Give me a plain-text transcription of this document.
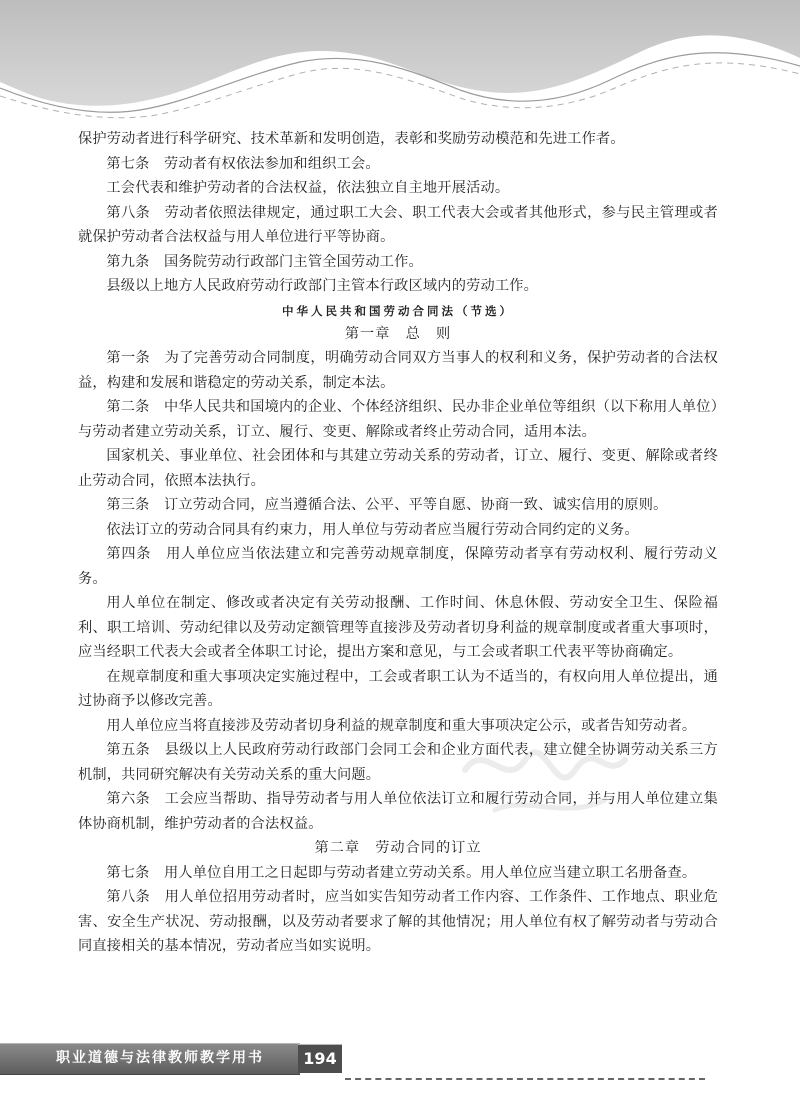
保护劳动者进行科学研究、技术革新和发明创造，表彰和奖励劳动模范和先进工作者。

第七条　劳动者有权依法参加和组织工会。

工会代表和维护劳动者的合法权益，依法独立自主地开展活动。

第八条　劳动者依照法律规定，通过职工大会、职工代表大会或者其他形式，参与民主管理或者就保护劳动者合法权益与用人单位进行平等协商。

第九条　国务院劳动行政部门主管全国劳动工作。

县级以上地方人民政府劳动行政部门主管本行政区域内的劳动工作。

中华人民共和国劳动合同法（节选）

第一章　总　则

第一条　为了完善劳动合同制度，明确劳动合同双方当事人的权利和义务，保护劳动者的合法权益，构建和发展和谐稳定的劳动关系，制定本法。

第二条　中华人民共和国境内的企业、个体经济组织、民办非企业单位等组织（以下称用人单位）与劳动者建立劳动关系，订立、履行、变更、解除或者终止劳动合同，适用本法。

国家机关、事业单位、社会团体和与其建立劳动关系的劳动者，订立、履行、变更、解除或者终止劳动合同，依照本法执行。

第三条　订立劳动合同，应当遵循合法、公平、平等自愿、协商一致、诚实信用的原则。

依法订立的劳动合同具有约束力，用人单位与劳动者应当履行劳动合同约定的义务。

第四条　用人单位应当依法建立和完善劳动规章制度，保障劳动者享有劳动权利、履行劳动义务。

用人单位在制定、修改或者决定有关劳动报酬、工作时间、休息休假、劳动安全卫生、保险福利、职工培训、劳动纪律以及劳动定额管理等直接涉及劳动者切身利益的规章制度或者重大事项时，应当经职工代表大会或者全体职工讨论，提出方案和意见，与工会或者职工代表平等协商确定。

在规章制度和重大事项决定实施过程中，工会或者职工认为不适当的，有权向用人单位提出，通过协商予以修改完善。

用人单位应当将直接涉及劳动者切身利益的规章制度和重大事项决定公示，或者告知劳动者。

第五条　县级以上人民政府劳动行政部门会同工会和企业方面代表，建立健全协调劳动关系三方机制，共同研究解决有关劳动关系的重大问题。

第六条　工会应当帮助、指导劳动者与用人单位依法订立和履行劳动合同，并与用人单位建立集体协商机制，维护劳动者的合法权益。

第二章　劳动合同的订立

第七条　用人单位自用工之日起即与劳动者建立劳动关系。用人单位应当建立职工名册备查。

第八条　用人单位招用劳动者时，应当如实告知劳动者工作内容、工作条件、工作地点、职业危害、安全生产状况、劳动报酬，以及劳动者要求了解的其他情况；用人单位有权了解劳动者与劳动合同直接相关的基本情况，劳动者应当如实说明。

职业道德与法律教师教学用书	194
